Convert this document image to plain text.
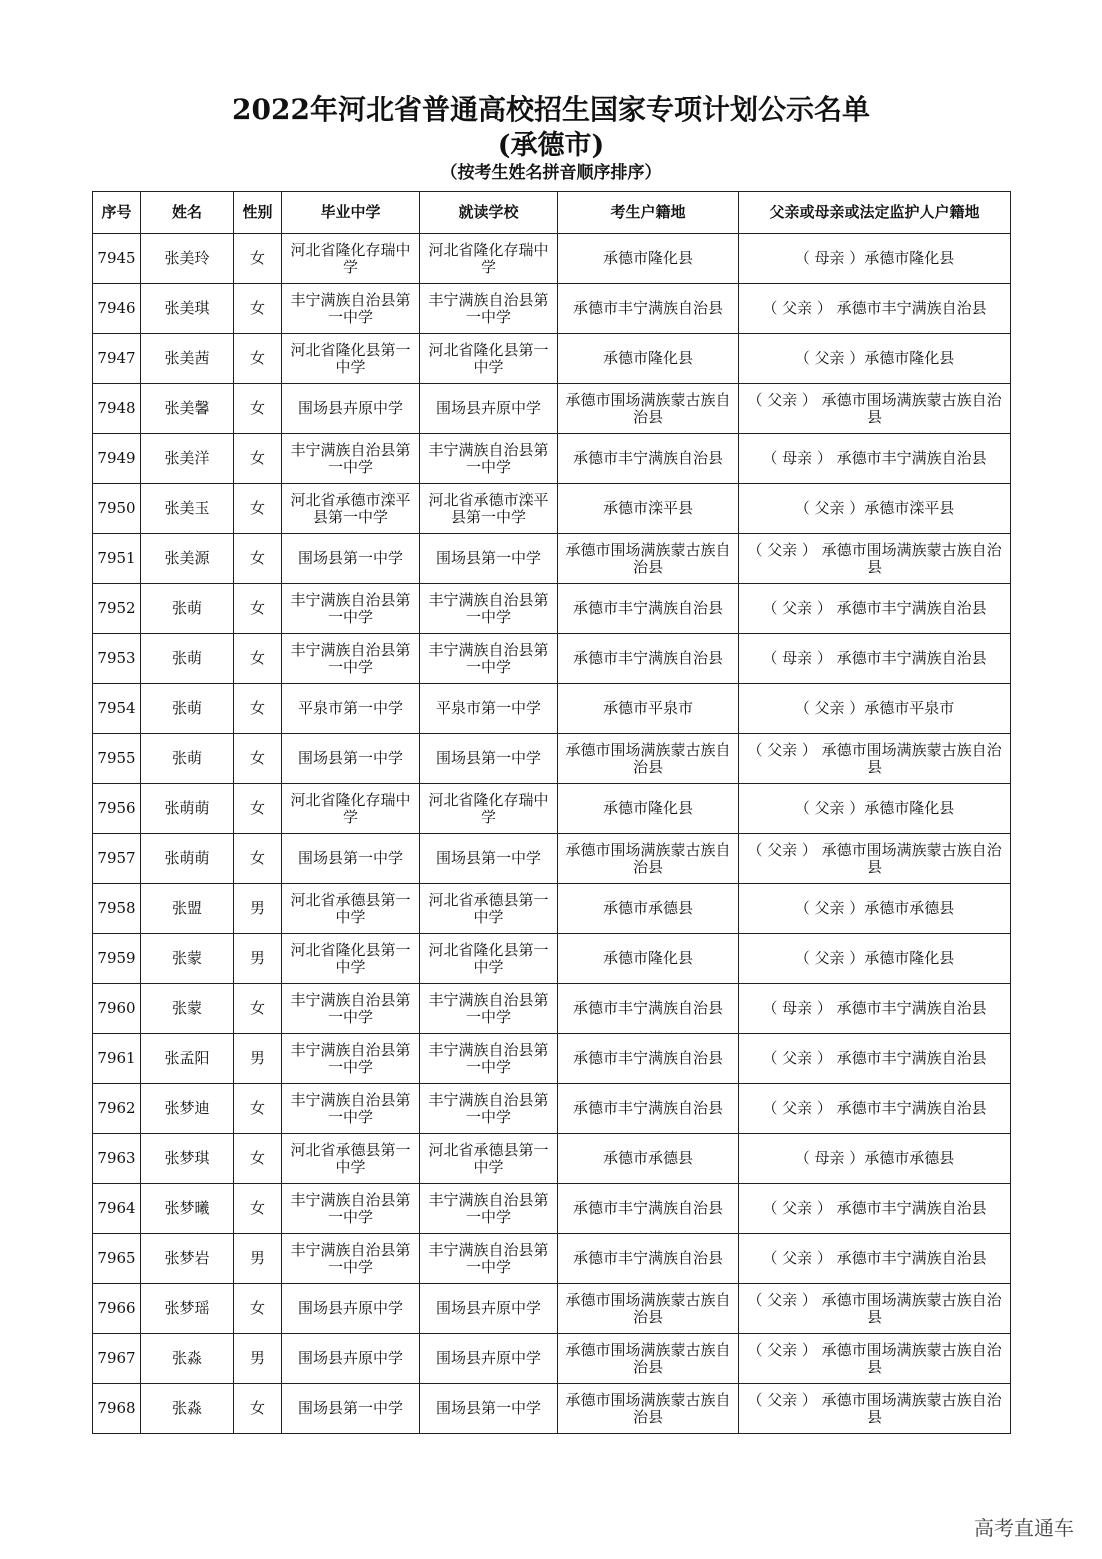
2022年河北省普通高校招生国家专项计划公示名单
(承德市)
（按考生姓名拼音顺序排序）
序号	姓名	性别	毕业中学	就读学校	考生户籍地	父亲或母亲或法定监护人户籍地
7945	张美玲	女	河北省隆化存瑞中学	河北省隆化存瑞中学	承德市隆化县	（ 母亲 ）承德市隆化县
7946	张美琪	女	丰宁满族自治县第一中学	丰宁满族自治县第一中学	承德市丰宁满族自治县	（ 父亲 ） 承德市丰宁满族自治县
7947	张美茜	女	河北省隆化县第一中学	河北省隆化县第一中学	承德市隆化县	（ 父亲 ）承德市隆化县
7948	张美馨	女	围场县卉原中学	围场县卉原中学	承德市围场满族蒙古族自治县	（ 父亲 ） 承德市围场满族蒙古族自治县
7949	张美洋	女	丰宁满族自治县第一中学	丰宁满族自治县第一中学	承德市丰宁满族自治县	（ 母亲 ） 承德市丰宁满族自治县
7950	张美玉	女	河北省承德市滦平县第一中学	河北省承德市滦平县第一中学	承德市滦平县	（ 父亲 ）承德市滦平县
7951	张美源	女	围场县第一中学	围场县第一中学	承德市围场满族蒙古族自治县	（ 父亲 ） 承德市围场满族蒙古族自治县
7952	张萌	女	丰宁满族自治县第一中学	丰宁满族自治县第一中学	承德市丰宁满族自治县	（ 父亲 ） 承德市丰宁满族自治县
7953	张萌	女	丰宁满族自治县第一中学	丰宁满族自治县第一中学	承德市丰宁满族自治县	（ 母亲 ） 承德市丰宁满族自治县
7954	张萌	女	平泉市第一中学	平泉市第一中学	承德市平泉市	（ 父亲 ）承德市平泉市
7955	张萌	女	围场县第一中学	围场县第一中学	承德市围场满族蒙古族自治县	（ 父亲 ） 承德市围场满族蒙古族自治县
7956	张萌萌	女	河北省隆化存瑞中学	河北省隆化存瑞中学	承德市隆化县	（ 父亲 ）承德市隆化县
7957	张萌萌	女	围场县第一中学	围场县第一中学	承德市围场满族蒙古族自治县	（ 父亲 ） 承德市围场满族蒙古族自治县
7958	张盟	男	河北省承德县第一中学	河北省承德县第一中学	承德市承德县	（ 父亲 ）承德市承德县
7959	张蒙	男	河北省隆化县第一中学	河北省隆化县第一中学	承德市隆化县	（ 父亲 ）承德市隆化县
7960	张蒙	女	丰宁满族自治县第一中学	丰宁满族自治县第一中学	承德市丰宁满族自治县	（ 母亲 ） 承德市丰宁满族自治县
7961	张孟阳	男	丰宁满族自治县第一中学	丰宁满族自治县第一中学	承德市丰宁满族自治县	（ 父亲 ） 承德市丰宁满族自治县
7962	张梦迪	女	丰宁满族自治县第一中学	丰宁满族自治县第一中学	承德市丰宁满族自治县	（ 父亲 ） 承德市丰宁满族自治县
7963	张梦琪	女	河北省承德县第一中学	河北省承德县第一中学	承德市承德县	（ 母亲 ）承德市承德县
7964	张梦曦	女	丰宁满族自治县第一中学	丰宁满族自治县第一中学	承德市丰宁满族自治县	（ 父亲 ） 承德市丰宁满族自治县
7965	张梦岩	男	丰宁满族自治县第一中学	丰宁满族自治县第一中学	承德市丰宁满族自治县	（ 父亲 ） 承德市丰宁满族自治县
7966	张梦瑶	女	围场县卉原中学	围场县卉原中学	承德市围场满族蒙古族自治县	（ 父亲 ） 承德市围场满族蒙古族自治县
7967	张淼	男	围场县卉原中学	围场县卉原中学	承德市围场满族蒙古族自治县	（ 父亲 ） 承德市围场满族蒙古族自治县
7968	张淼	女	围场县第一中学	围场县第一中学	承德市围场满族蒙古族自治县	（ 父亲 ） 承德市围场满族蒙古族自治县
高考直通车
